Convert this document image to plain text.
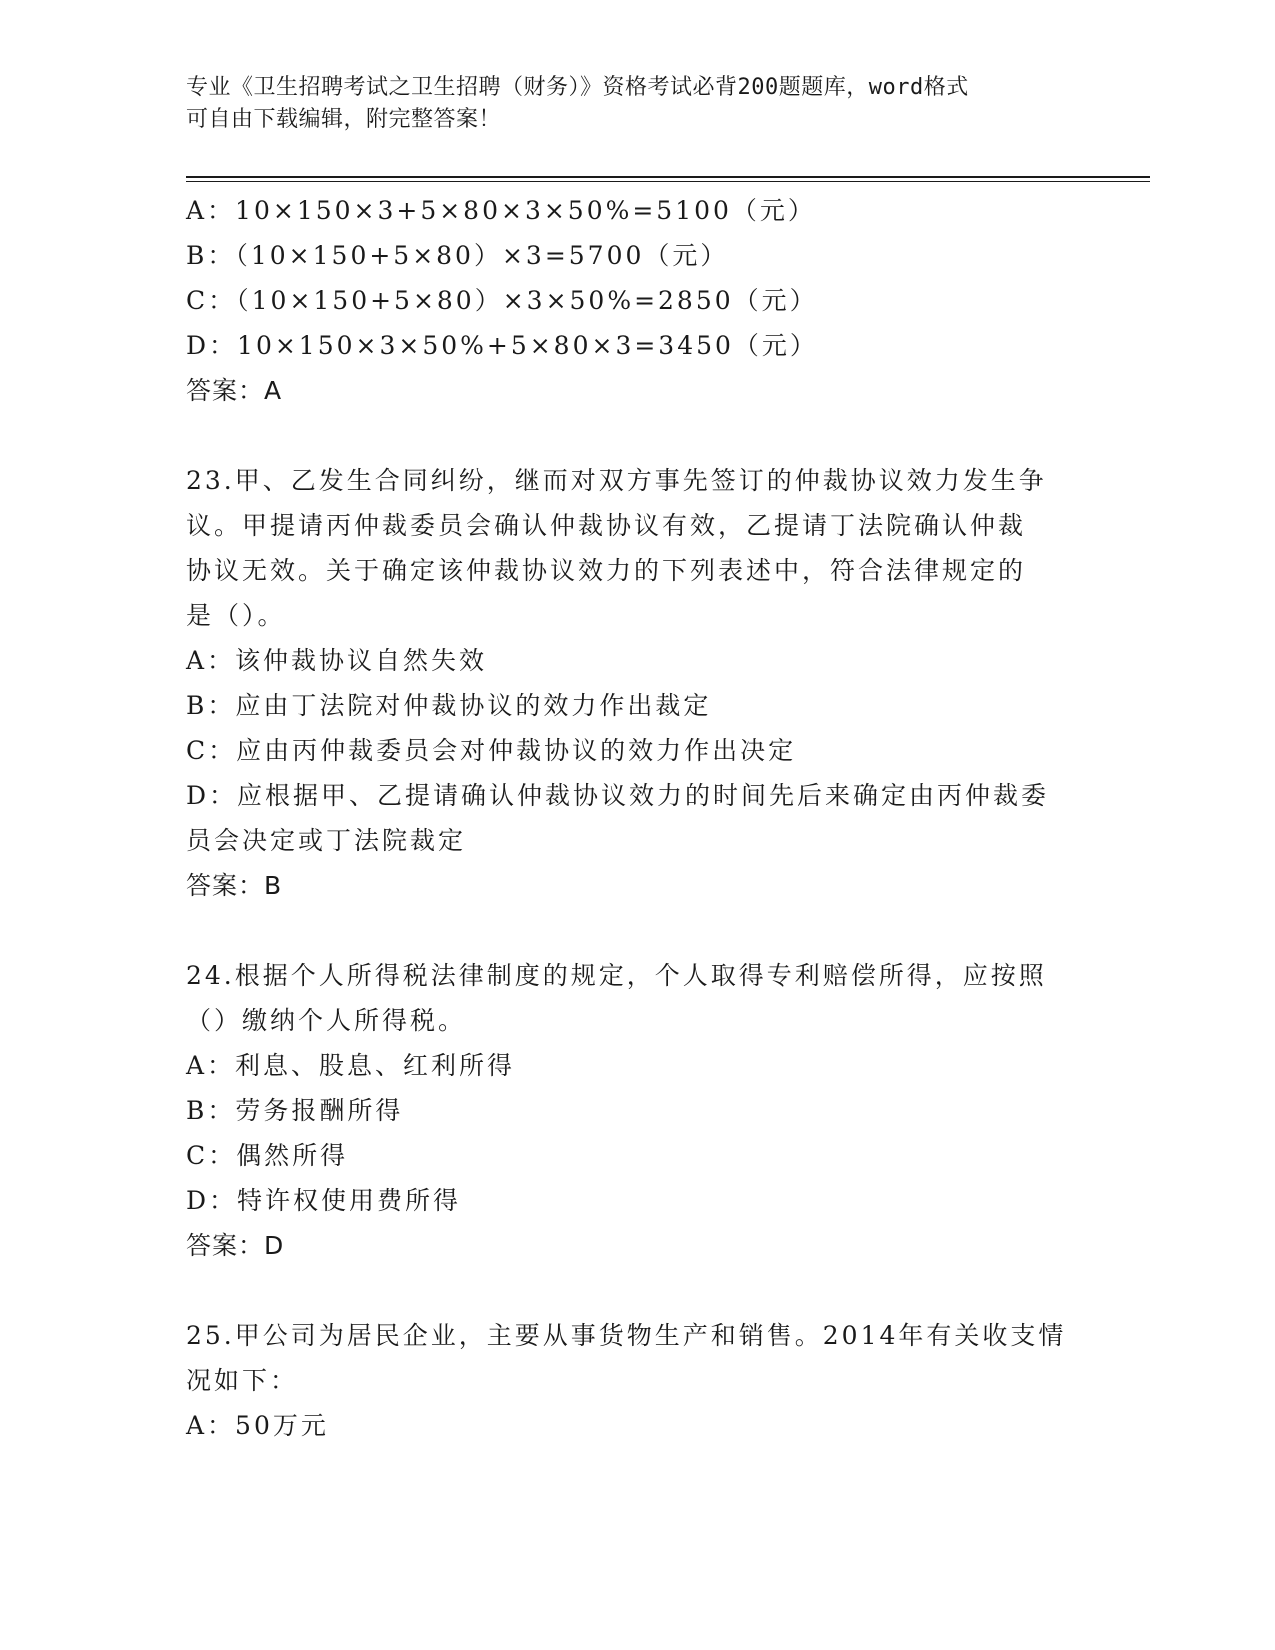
专业《卫生招聘考试之卫生招聘（财务）》资格考试必背200题题库，word格式
可自由下载编辑，附完整答案！
A：10×150×3+5×80×3×50%=5100（元）
B：（10×150+5×80）×3=5700（元）
C：（10×150+5×80）×3×50%=2850（元）
D：10×150×3×50%+5×80×3=3450（元）
答案：A
23.甲、乙发生合同纠纷，继而对双方事先签订的仲裁协议效力发生争
议。甲提请丙仲裁委员会确认仲裁协议有效，乙提请丁法院确认仲裁
协议无效。关于确定该仲裁协议效力的下列表述中，符合法律规定的
是（）。
A：该仲裁协议自然失效
B：应由丁法院对仲裁协议的效力作出裁定
C：应由丙仲裁委员会对仲裁协议的效力作出决定
D：应根据甲、乙提请确认仲裁协议效力的时间先后来确定由丙仲裁委
员会决定或丁法院裁定
答案：B
24.根据个人所得税法律制度的规定，个人取得专利赔偿所得，应按照
（）缴纳个人所得税。
A：利息、股息、红利所得
B：劳务报酬所得
C：偶然所得
D：特许权使用费所得
答案：D
25.甲公司为居民企业，主要从事货物生产和销售。2014年有关收支情
况如下：
A：50万元
